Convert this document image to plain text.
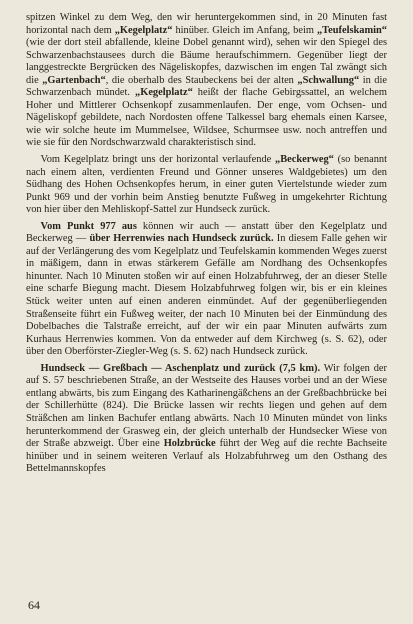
spitzen Winkel zu dem Weg, den wir heruntergekommen sind, in 20 Minuten fast horizontal nach dem „Kegelplatz“ hinüber. Gleich im Anfang, beim „Teufelskamin“ (wie der dort steil abfallende, kleine Dobel genannt wird), sehen wir den Spiegel des Schwarzenbachstausees durch die Bäume heraufschimmern. Gegenüber liegt der langgestreckte Bergrücken des Nägeliskopfes, dazwischen im engen Tal zwängt sich die „Gartenbach“, die oberhalb des Staubeckens bei der alten „Schwallung“ in die Schwarzenbach mündet. „Kegelplatz“ heißt der flache Gebirgssattel, an welchem Hoher und Mittlerer Ochsenkopf zusammenlaufen. Der enge, vom Ochsen- und Nägeliskopf gebildete, nach Nordosten offene Talkessel barg ehemals einen Karsee, wie wir solche heute im Mummelsee, Wildsee, Schurmsee usw. noch antreffen und wie sie für den Nordschwarzwald charakteristisch sind.

Vom Kegelplatz bringt uns der horizontal verlaufende „Beckerweg“ (so benannt nach einem alten, verdienten Freund und Gönner unseres Waldgebietes) um den Südhang des Hohen Ochsenkopfes herum, in einer guten Viertelstunde wieder zum Punkt 969 und der vorhin beim Anstieg benutzte Fußweg in umgekehrter Richtung von hier über den Mehliskopf-Sattel zur Hundseck zurück.

Vom Punkt 977 aus können wir auch — anstatt über den Kegelplatz und Beckerweg — über Herrenwies nach Hundseck zurück. In diesem Falle gehen wir auf der Verlängerung des vom Kegelplatz und Teufelskamin kommenden Weges zuerst in mäßigem, dann in etwas stärkerem Gefälle am Nordhang des Ochsenkopfes hinunter. Nach 10 Minuten stoßen wir auf einen Holzabfuhrweg, der an dieser Stelle eine scharfe Biegung macht. Diesem Holzabfuhrweg folgen wir, bis er ein kleines Stück weiter unten auf einen anderen einmündet. Auf der gegenüberliegenden Straßenseite führt ein Fußweg weiter, der nach 10 Minuten bei der Einmündung des Dobelbaches die Talstraße erreicht, auf der wir ein paar Minuten aufwärts zum Kurhaus Herrenwies kommen. Von da entweder auf dem Kirchweg (s. S. 62), oder über den Oberförster-Ziegler-Weg (s. S. 62) nach Hundseck zurück.

Hundseck — Greßbach — Aschenplatz und zurück (7,5 km). Wir folgen der auf S. 57 beschriebenen Straße, an der Westseite des Hauses vorbei und an der Wiese entlang abwärts, bis zum Eingang des Katharinengäßchens an der Greßbachbrücke bei der Schillerhütte (824). Die Brücke lassen wir rechts liegen und gehen auf dem Sträßchen am linken Bachufer entlang abwärts. Nach 10 Minuten mündet von links herunterkommend der Grasweg ein, der gleich unterhalb der Hundsecker Wiese von der Straße abzweigt. Über eine Holzbrücke führt der Weg auf die rechte Bachseite hinüber und in seinem weiteren Verlauf als Holzabfuhrweg um den Osthang des Bettelmannskopfes

64
